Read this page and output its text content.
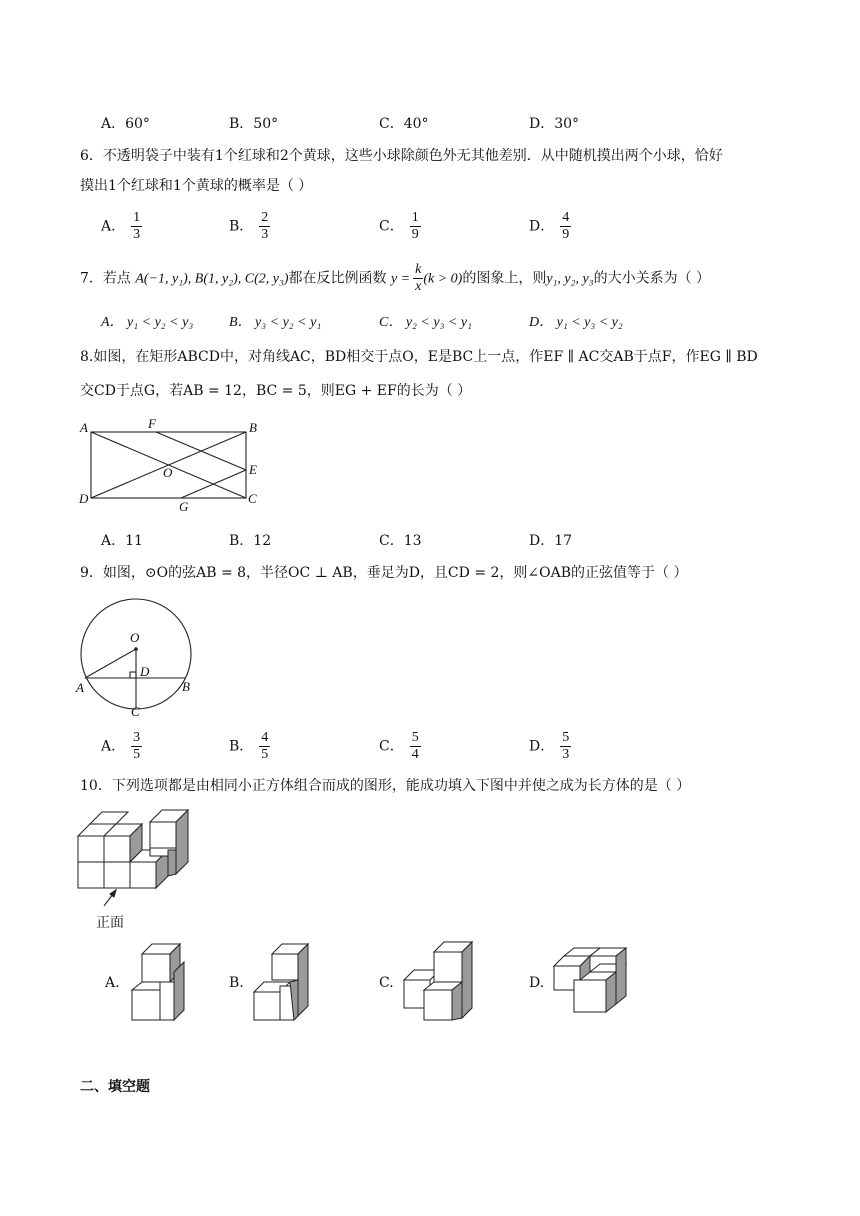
A．60°	B．50°	C．40°	D．30°
6．不透明袋子中装有1个红球和2个黄球，这些小球除颜色外无其他差别．从中随机摸出两个小球，恰好
摸出1个红球和1个黄球的概率是（ ）
A． $\frac{1}{3}$	B． $\frac{2}{3}$	C． $\frac{1}{9}$	D． $\frac{4}{9}$
7．若点 A(−1, y₁), B(1, y₂), C(2, y₃)都在反比例函数 $y = \frac{k}{x} (k > 0)$的图象上，则y₁, y₂, y₃的大小关系为（ ）
A． y₁ < y₂ < y₃	B． y₃ < y₂ < y₁	C． y₂ < y₃ < y₁	D． y₁ < y₃ < y₂
8.如图，在矩形ABCD中，对角线AC，BD相交于点O，E是BC上一点，作EF ∥ AC交AB于点F，作EG ∥ BD
交CD于点G，若AB = 12，BC = 5，则EG + EF的长为（ ）
A	F	B
O	E
D
G
C
A．11	B．12	C．13	D．17
9．如图，⊙O的弦AB = 8，半径OC ⊥ AB，垂足为D，且CD = 2，则∠OAB的正弦值等于（ ）
O
D
A	B
C
A． $\frac{3}{5}$	B． $\frac{4}{5}$	C． $\frac{5}{4}$	D． $\frac{5}{3}$
10．下列选项都是由相同小正方体组合而成的图形，能成功填入下图中并使之成为长方体的是（ ）
正面
A.	B.	C.	D.
二、填空题
